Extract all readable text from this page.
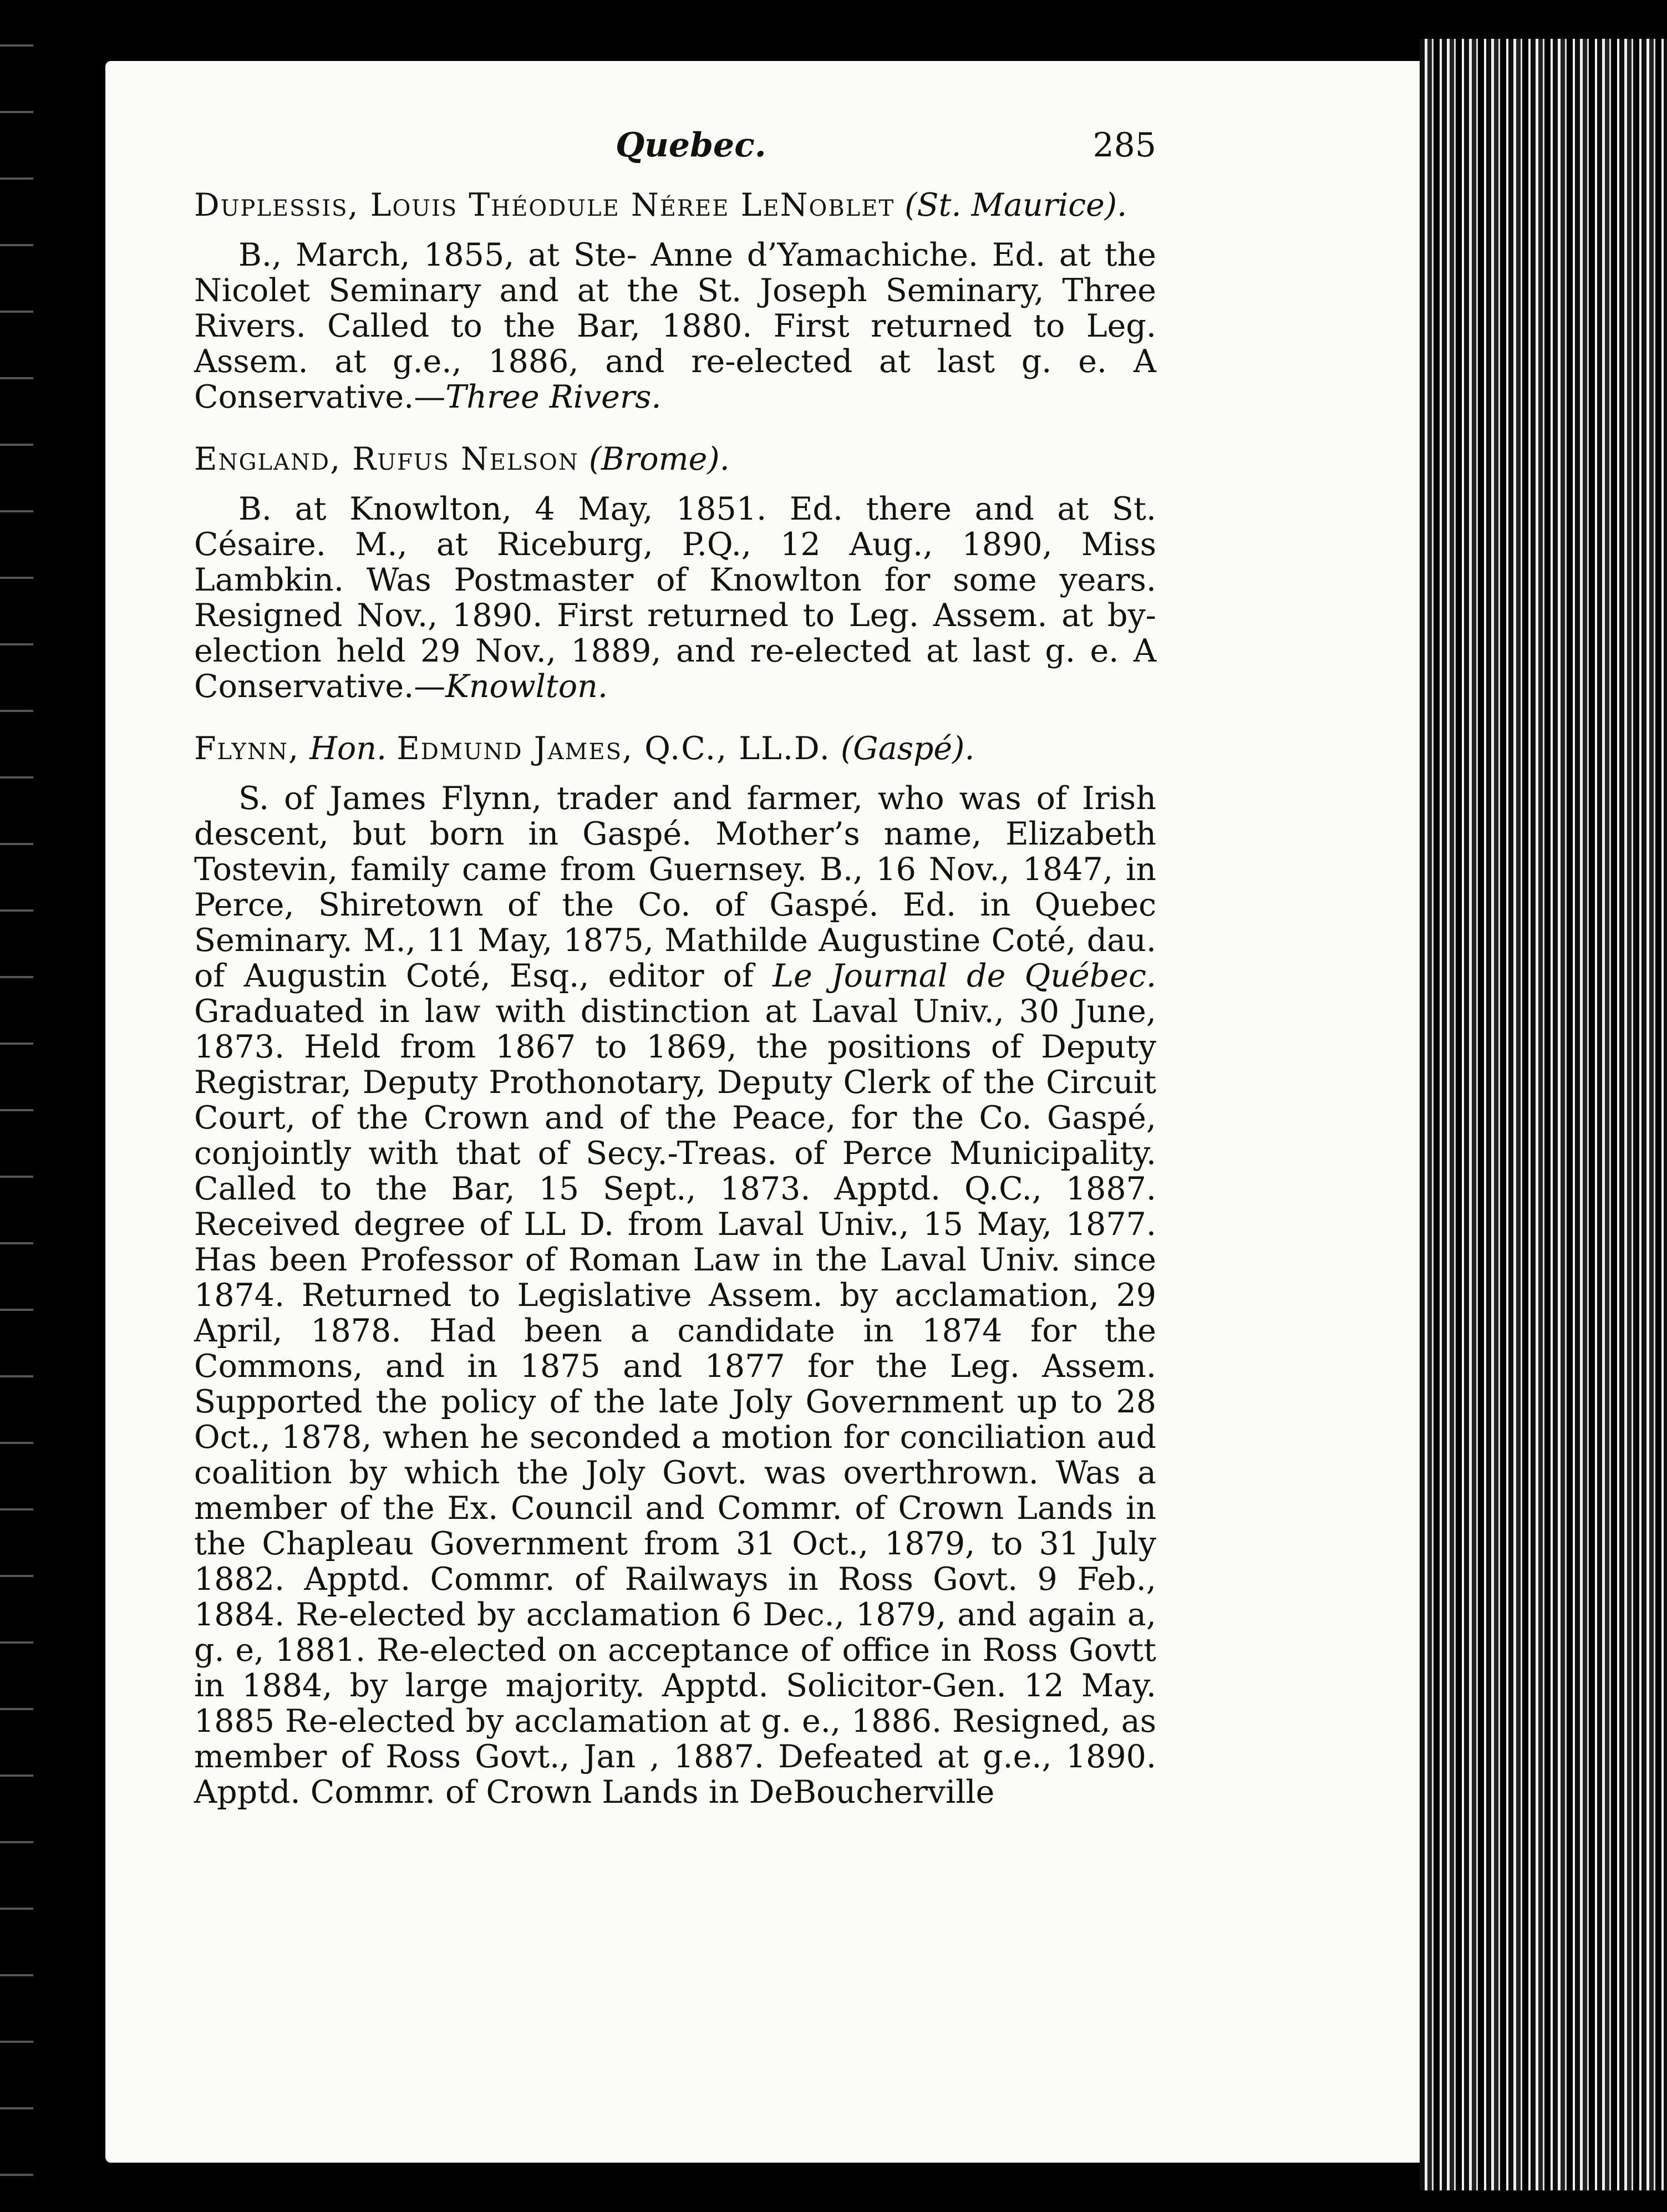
Quebec.	285
Duplessis, Louis Théodule Néree LeNoblet (St. Maurice).

B., March, 1855, at Ste- Anne d’Yamachiche. Ed. at the Nicolet Seminary and at the St. Joseph Seminary, Three Rivers. Called to the Bar, 1880. First returned to Leg. Assem. at g.e., 1886, and re-elected at last g. e. A Conservative.—Three Rivers.

England, Rufus Nelson (Brome).

B. at Knowlton, 4 May, 1851. Ed. there and at St. Césaire. M., at Riceburg, P.Q., 12 Aug., 1890, Miss Lambkin. Was Postmaster of Knowlton for some years. Resigned Nov., 1890. First returned to Leg. Assem. at by-election held 29 Nov., 1889, and re-elected at last g. e. A Conservative.—Knowlton.

Flynn, Hon. Edmund James, Q.C., LL.D. (Gaspé).

S. of James Flynn, trader and farmer, who was of Irish descent, but born in Gaspé. Mother’s name, Elizabeth Tostevin, family came from Guernsey. B., 16 Nov., 1847, in Perce, Shiretown of the Co. of Gaspé. Ed. in Quebec Seminary. M., 11 May, 1875, Mathilde Augustine Coté, dau. of Augustin Coté, Esq., editor of Le Journal de Québec. Graduated in law with distinction at Laval Univ., 30 June, 1873. Held from 1867 to 1869, the positions of Deputy Registrar, Deputy Prothonotary, Deputy Clerk of the Circuit Court, of the Crown and of the Peace, for the Co. Gaspé, conjointly with that of Secy.-Treas. of Perce Municipality. Called to the Bar, 15 Sept., 1873. Apptd. Q.C., 1887. Received degree of LL D. from Laval Univ., 15 May, 1877. Has been Professor of Roman Law in the Laval Univ. since 1874. Returned to Legislative Assem. by acclamation, 29 April, 1878. Had been a candidate in 1874 for the Commons, and in 1875 and 1877 for the Leg. Assem. Supported the policy of the late Joly Government up to 28 Oct., 1878, when he seconded a motion for conciliation aud coalition by which the Joly Govt. was overthrown. Was a member of the Ex. Council and Commr. of Crown Lands in the Chapleau Government from 31 Oct., 1879, to 31 July 1882. Apptd. Commr. of Railways in Ross Govt. 9 Feb., 1884. Re-elected by acclamation 6 Dec., 1879, and again a, g. e, 1881. Re-elected on acceptance of office in Ross Govtt in 1884, by large majority. Apptd. Solicitor-Gen. 12 May. 1885 Re-elected by acclamation at g. e., 1886. Resigned, as member of Ross Govt., Jan , 1887. Defeated at g.e., 1890. Apptd. Commr. of Crown Lands in DeBoucherville
